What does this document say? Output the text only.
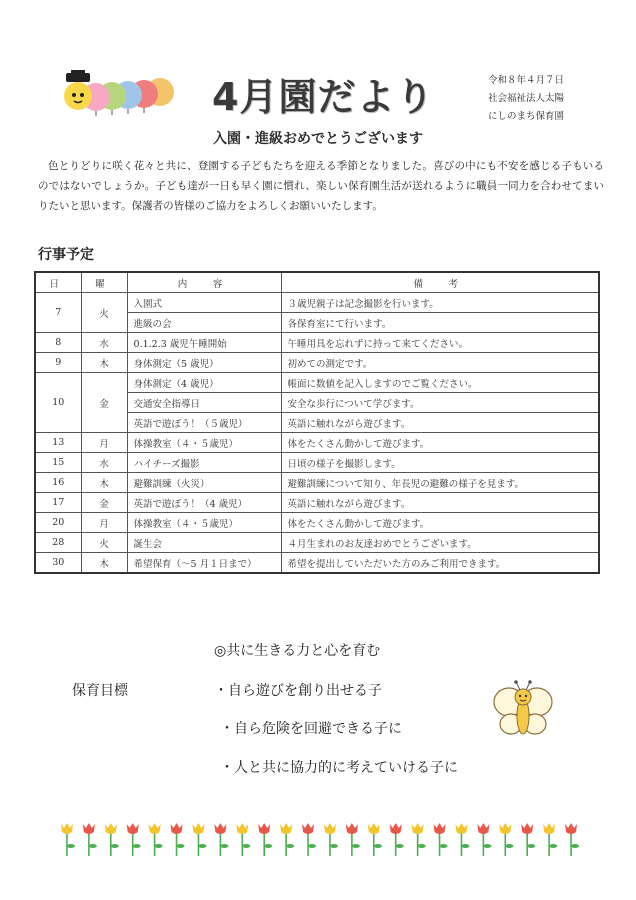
4月園だより	令和８年４月７日
社会福祉法人太陽
にしのまち保育園
入園・進級おめでとうございます
色とりどりに咲く花々と共に、登園する子どもたちを迎える季節となりました。喜びの中にも不安を感じる子もいるのではないでしょうか。子ども達が一日も早く園に慣れ、楽しい保育園生活が送れるように職員一同力を合わせてまいりたいと思います。保護者の皆様のご協力をよろしくお願いいたします。
行事予定
日	曜	内　容	備　考
7	火	入園式	３歳児親子は記念撮影を行います。
		進級の会	各保育室にて行います。
8	水	0.1.2.3 歳児午睡開始	午睡用具を忘れずに持って来てください。
9	木	身体測定（5 歳児）	初めての測定です。
10	金	身体測定（4 歳児）	帳面に数値を記入しますのでご覧ください。
		交通安全指導日	安全な歩行について学びます。
		英語で遊ぼう！（５歳児）	英語に触れながら遊びます。
13	月	体操教室（４・５歳児）	体をたくさん動かして遊びます。
15	水	ハイチーズ撮影	日頃の様子を撮影します。
16	木	避難訓練（火災）	避難訓練について知り、年長児の避難の様子を見ます。
17	金	英語で遊ぼう！（4 歳児）	英語に触れながら遊びます。
20	月	体操教室（４・５歳児）	体をたくさん動かして遊びます。
28	火	誕生会	４月生まれのお友達おめでとうございます。
30	木	希望保育（～5 月１日まで）	希望を提出していただいた方のみご利用できます。
◎共に生きる力と心を育む
保育目標	・自ら遊びを創り出せる子
・自ら危険を回避できる子に
・人と共に協力的に考えていける子に
